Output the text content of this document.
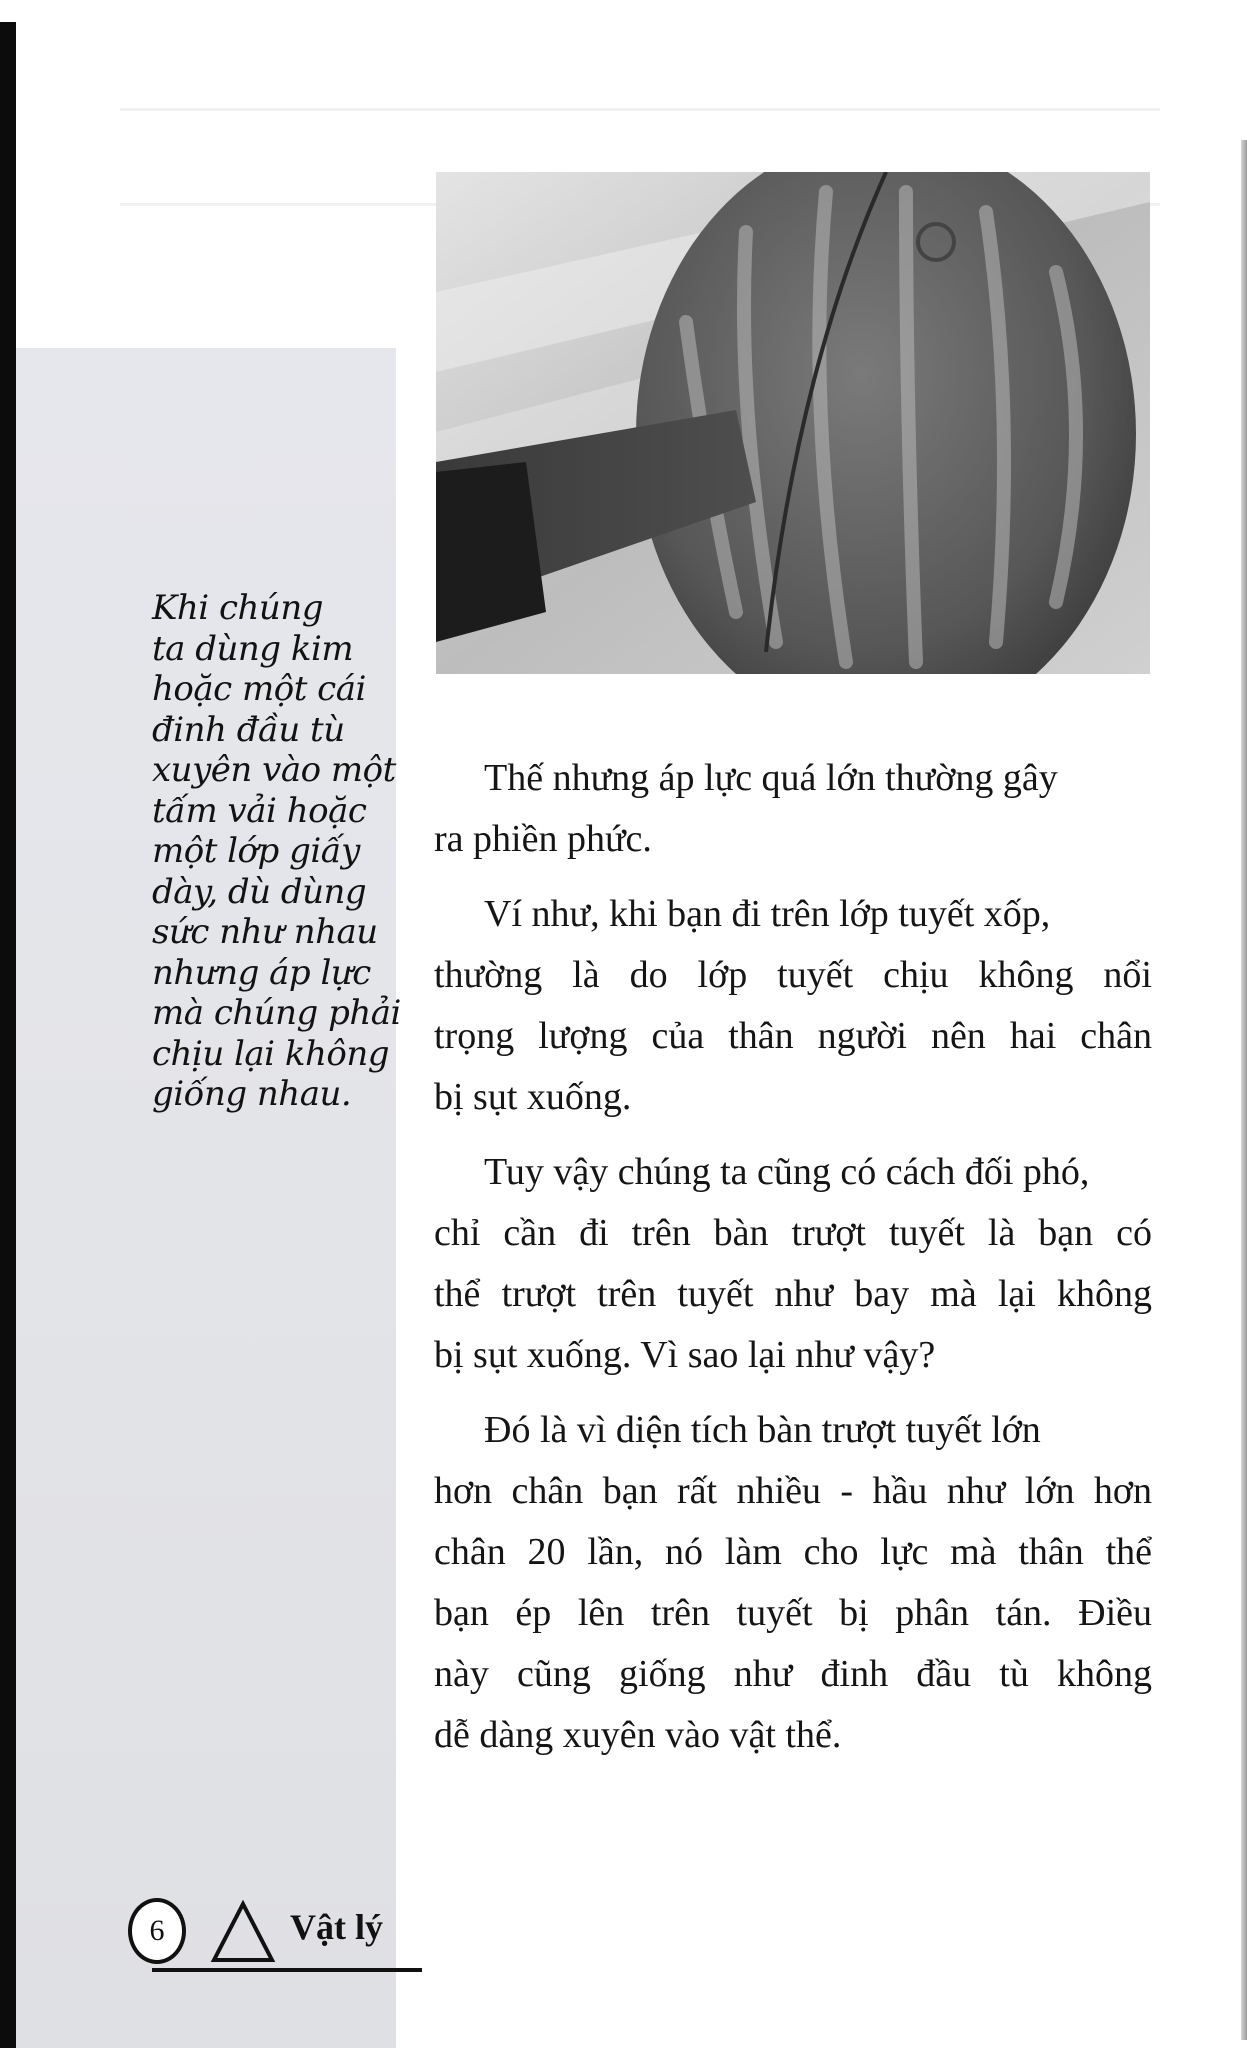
Khi chúng
ta dùng kim
hoặc một cái
đinh đầu tù
xuyên vào một
tấm vải hoặc
một lớp giấy
dày, dù dùng
sức như nhau
nhưng áp lực
mà chúng phải
chịu lại không
giống nhau.
Thế nhưng áp lực quá lớn thường gây
ra phiền phức.
Ví như, khi bạn đi trên lớp tuyết xốp,
thường là do lớp tuyết chịu không nổi
trọng lượng của thân người nên hai chân
bị sụt xuống.
Tuy vậy chúng ta cũng có cách đối phó,
chỉ cần đi trên bàn trượt tuyết là bạn có
thể trượt trên tuyết như bay mà lại không
bị sụt xuống. Vì sao lại như vậy?
Đó là vì diện tích bàn trượt tuyết lớn
hơn chân bạn rất nhiều - hầu như lớn hơn
chân 20 lần, nó làm cho lực mà thân thể
bạn ép lên trên tuyết bị phân tán. Điều
này cũng giống như đinh đầu tù không
dễ dàng xuyên vào vật thể.
6	Vật lý
